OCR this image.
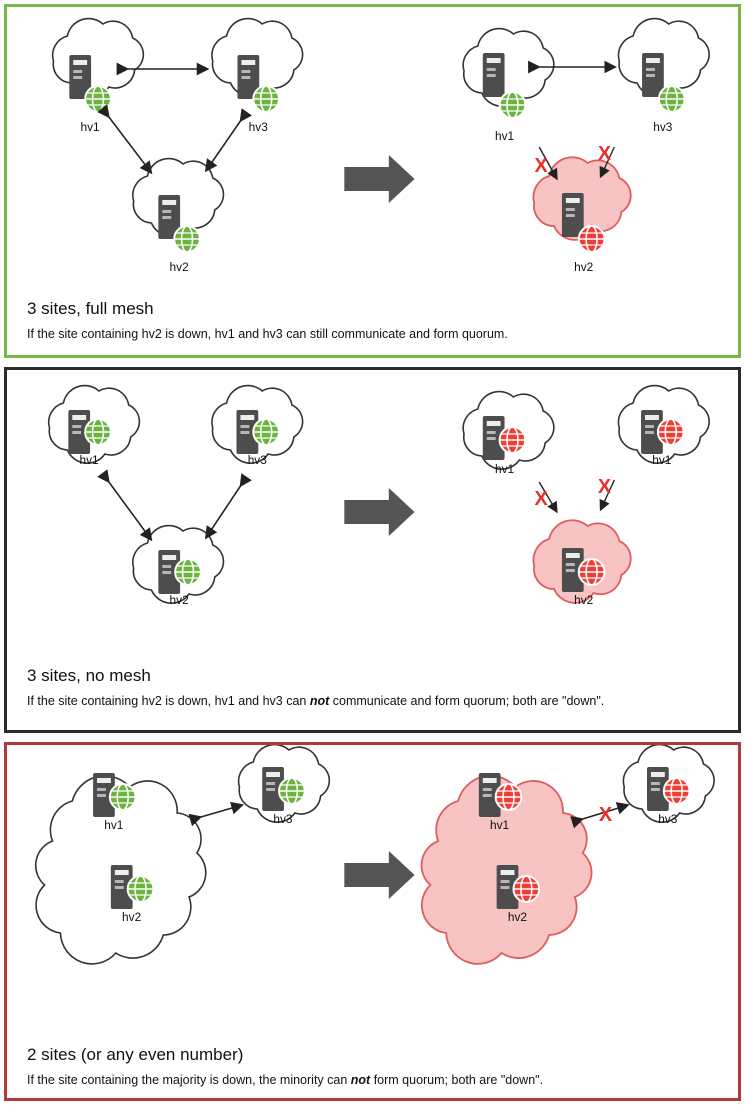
hv1	hv3
hv2
hv1
hv3
hv2
X
X

3 sites, full mesh

If the site containing hv2 is down, hv1 and hv3 can still communicate and form quorum.

hv1	hv3
hv2
hv1
hv1
hv2
X
X

3 sites, no mesh

If the site containing hv2 is down, hv1 and hv3 can not communicate and form quorum; both are "down".

hv1
hv2
hv3	hv1
hv2
hv3
X

2 sites (or any even number)

If the site containing the majority is down, the minority can not form quorum; both are "down".
